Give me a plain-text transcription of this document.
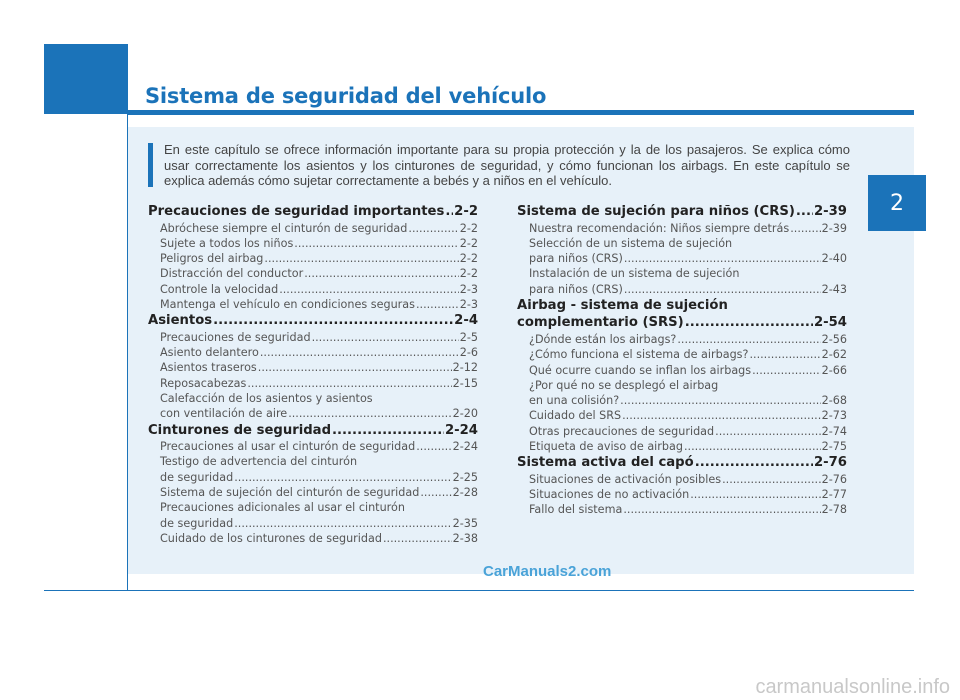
Sistema de seguridad del vehículo
2
En este capítulo se ofrece información importante para su propia protección y la de los pasajeros. Se explica cómo usar correctamente los asientos y los cinturones de seguridad, y cómo funcionan los airbags. En este capítulo se explica además cómo sujetar correctamente a bebés y a niños en el vehículo.
Precauciones de seguridad importantes ..... 2-2
Abróchese siempre el cinturón de seguridad .....	2-2
Sujete a todos los niños .....	2-2
Peligros del airbag .....	2-2
Distracción del conductor .....	2-2
Controle la velocidad .....	2-3
Mantenga el vehículo en condiciones seguras .....	2-3
Asientos .....	2-4
Precauciones de seguridad .....	2-5
Asiento delantero .....	2-6
Asientos traseros .....	2-12
Reposacabezas .....	2-15
Calefacción de los asientos y asientos
con ventilación de aire .....	2-20
Cinturones de seguridad .....	2-24
Precauciones al usar el cinturón de seguridad .....	2-24
Testigo de advertencia del cinturón
de seguridad .....	2-25
Sistema de sujeción del cinturón de seguridad .....	2-28
Precauciones adicionales al usar el cinturón
de seguridad .....	2-35
Cuidado de los cinturones de seguridad .....	2-38
Sistema de sujeción para niños (CRS) ..... 2-39
Nuestra recomendación: Niños siempre detrás .....	2-39
Selección de un sistema de sujeción
para niños (CRS) .....	2-40
Instalación de un sistema de sujeción
para niños (CRS) .....	2-43
Airbag - sistema de sujeción
complementario (SRS) .....	2-54
¿Dónde están los airbags? .....	2-56
¿Cómo funciona el sistema de airbags? .....	2-62
Qué ocurre cuando se inflan los airbags .....	2-66
¿Por qué no se desplegó el airbag
en una colisión? .....	2-68
Cuidado del SRS .....	2-73
Otras precauciones de seguridad .....	2-74
Etiqueta de aviso de airbag .....	2-75
Sistema activa del capó .....	2-76
Situaciones de activación posibles .....	2-76
Situaciones de no activación .....	2-77
Fallo del sistema .....	2-78
CarManuals2.com
carmanualsonline.info
